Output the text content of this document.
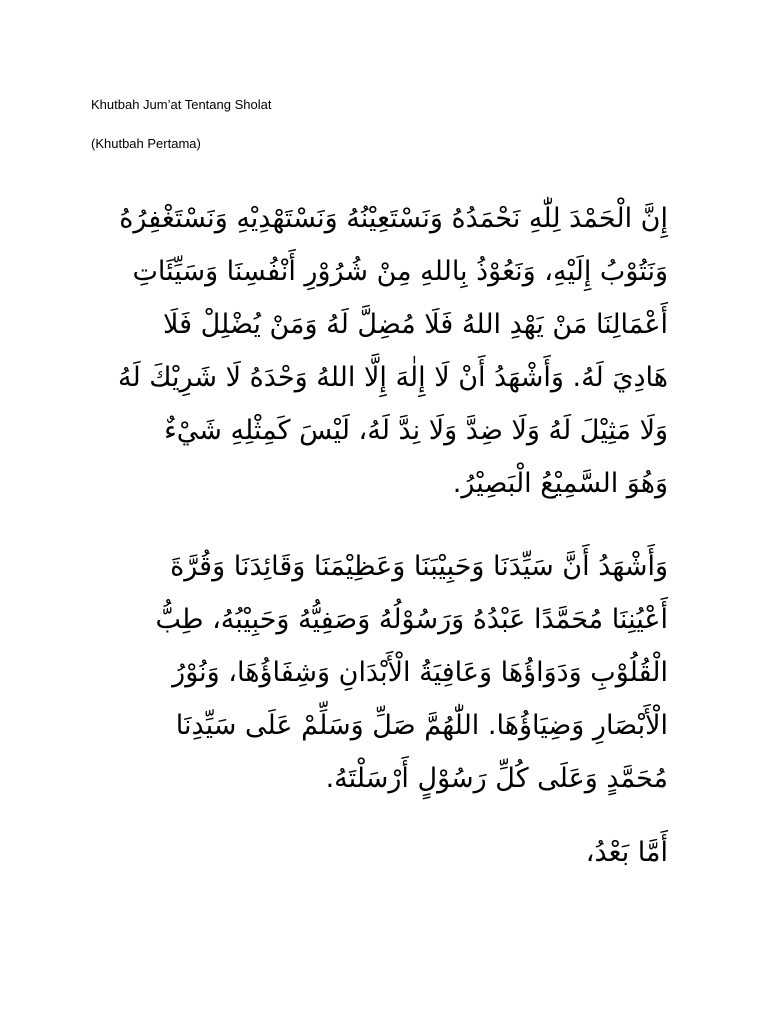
Khutbah Jum’at Tentang Sholat
(Khutbah Pertama)
إِنَّ الْحَمْدَ لِلّٰهِ نَحْمَدُهُ وَنَسْتَعِيْنُهُ وَنَسْتَهْدِيْهِ وَنَسْتَغْفِرُهُ
وَنَتُوْبُ إِلَيْهِ، وَنَعُوْذُ بِاللهِ مِنْ شُرُوْرِ أَنْفُسِنَا وَسَيِّئَاتِ
أَعْمَالِنَا مَنْ يَهْدِ اللهُ فَلَا مُضِلَّ لَهُ وَمَنْ يُضْلِلْ فَلَا
هَادِيَ لَهُ. وَأَشْهَدُ أَنْ لَا إِلٰهَ إِلَّا اللهُ وَحْدَهُ لَا شَرِيْكَ لَهُ
وَلَا مَثِيْلَ لَهُ وَلَا ضِدَّ وَلَا نِدَّ لَهُ، لَيْسَ كَمِثْلِهِ شَيْءٌ
وَهُوَ السَّمِيْعُ الْبَصِيْرُ.
وَأَشْهَدُ أَنَّ سَيِّدَنَا وَحَبِيْبَنَا وَعَظِيْمَنَا وَقَائِدَنَا وَقُرَّةَ
أَعْيُنِنَا مُحَمَّدًا عَبْدُهُ وَرَسُوْلُهُ وَصَفِيُّهُ وَحَبِيْبُهُ، طِبُّ
الْقُلُوْبِ وَدَوَاؤُهَا وَعَافِيَةُ الْأَبْدَانِ وَشِفَاؤُهَا، وَنُوْرُ
الْأَبْصَارِ وَضِيَاؤُهَا. اللّٰهُمَّ صَلِّ وَسَلِّمْ عَلَى سَيِّدِنَا
مُحَمَّدٍ وَعَلَى كُلِّ رَسُوْلٍ أَرْسَلْتَهُ.
أَمَّا بَعْدُ،
